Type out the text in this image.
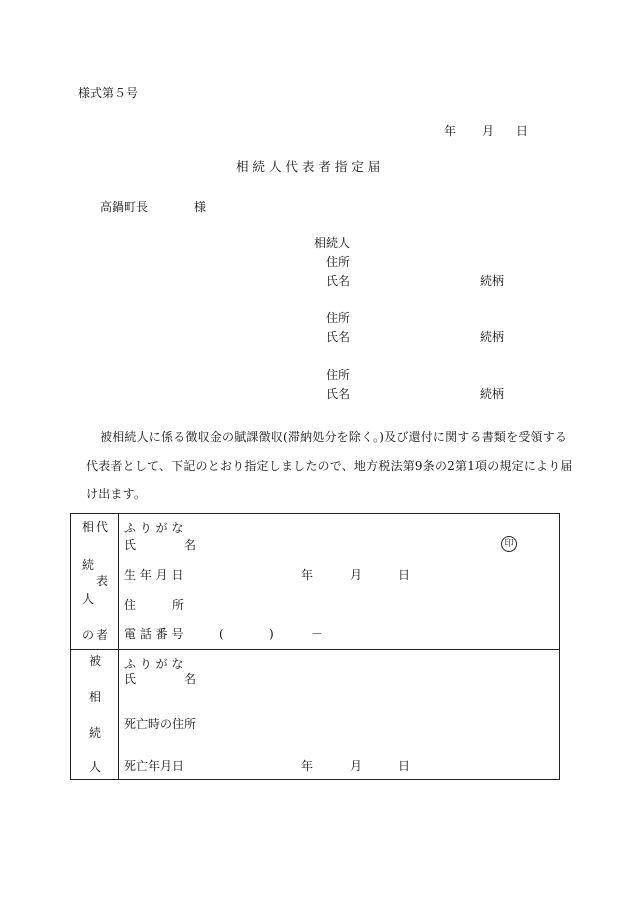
様式第５号
年 月 日
相 続 人 代 表 者 指 定 届
高鍋町長	様
相続人
住所
氏名	続柄
住所
氏名	続柄
住所
氏名	続柄
被相続人に係る徴収金の賦課徴収(滞納処分を除く。)及び還付に関する書類を受領する
代表者として、下記のとおり指定しましたので、地方税法第9条の2第1項の規定により届
け出ます。
相 代
続
表
人
の 者
ふ り が な
氏　　　　名	印
生 年 月 日	年	月	日
住　　　所
電 話 番 号	(	)	－
被
相
続
人
ふ り が な
氏　　　　名
死亡時の住所
死亡年月日	年	月	日
